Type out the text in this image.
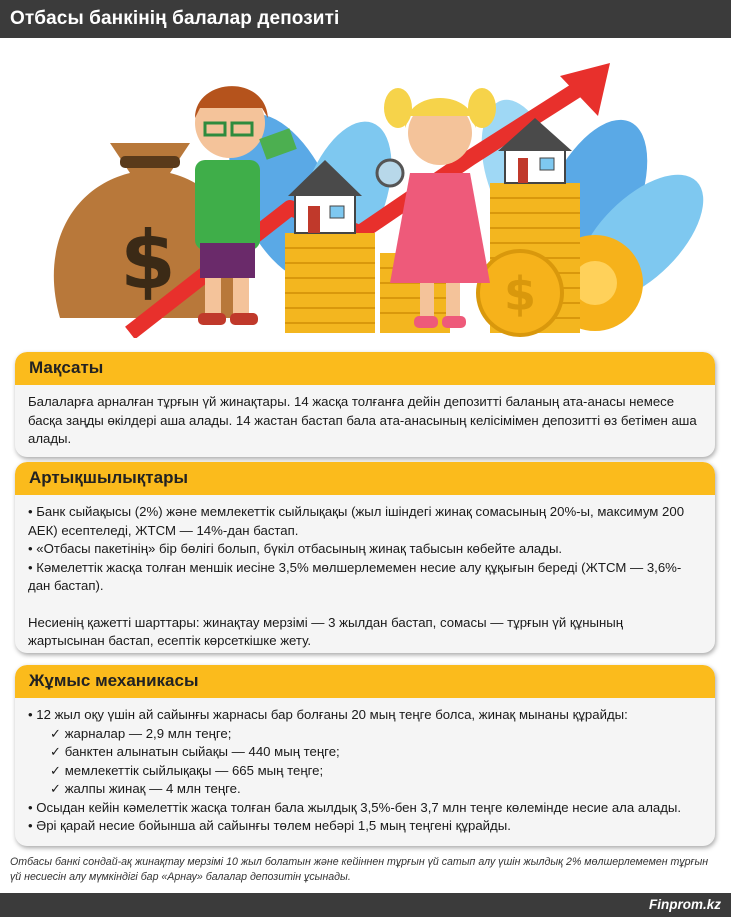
Отбасы банкінің балалар депозиті
$	$
Мақсаты

Балаларға арналған тұрғын үй жинақтары. 14 жасқа толғанға дейін депозитті баланың ата-анасы немесе басқа заңды өкілдері аша алады. 14 жастан бастап бала ата-анасының келісімімен депозитті өз бетімен аша алады.

Артықшылықтары
• Банк сыйақысы (2%) және мемлекеттік сыйлықақы (жыл ішіндегі жинақ сомасының 20%-ы, максимум 200 АЕК) есептеледі, ЖТСМ — 14%-дан бастап.
• «Отбасы пакетінің» бір бөлігі болып, бүкіл отбасының жинақ табысын көбейте алады.
• Кәмелеттік жасқа толған меншік иесіне 3,5% мөлшерлемемен несие алу құқығын береді (ЖТСМ — 3,6%-дан бастап).

Несиенің қажетті шарттары: жинақтау мерзімі — 3 жылдан бастап, сомасы — тұрғын үй құнының жартысынан бастап, есептік көрсеткішке жету.

Жұмыс механикасы
• 12 жыл оқу үшін ай сайынғы жарнасы бар болғаны 20 мың теңге болса, жинақ мынаны құрайды:
✓ жарналар — 2,9 млн теңге;
✓ банктен алынатын сыйақы — 440 мың теңге;
✓ мемлекеттік сыйлықақы — 665 мың теңге;
✓ жалпы жинақ — 4 млн теңге.
• Осыдан кейін кәмелеттік жасқа толған бала жылдық 3,5%-бен 3,7 млн теңге көлемінде несие ала алады.
• Әрі қарай несие бойынша ай сайынғы төлем небәрі 1,5 мың теңгені құрайды.
Отбасы банкі сондай-ақ жинақтау мерзімі 10 жыл болатын және кейіннен тұрғын үй сатып алу үшін жылдық 2% мөлшерлемемен тұрғын үй несиесін алу мүмкіндігі бар «Арнау» балалар депозитін ұсынады.
Finprom.kz
